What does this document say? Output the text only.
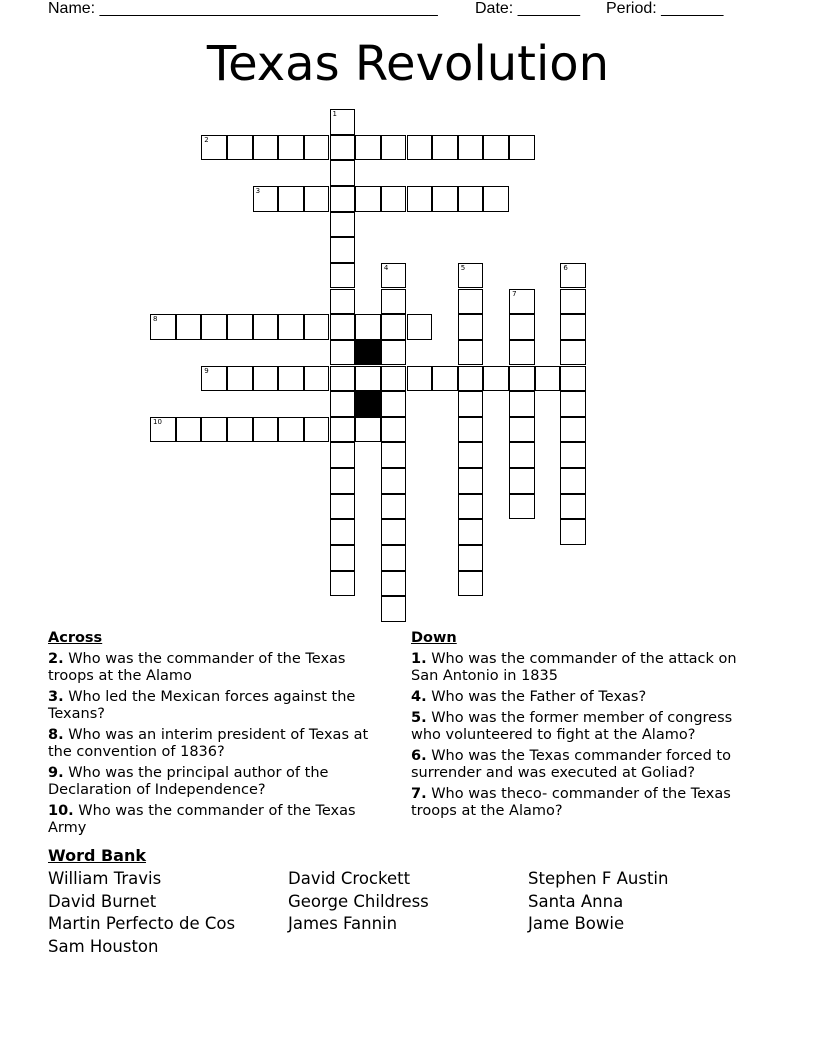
Name: ______________________________________ Date: _______ Period: _______
Texas Revolution
1
2
3
4	5	6
7
8
9
10
Across
2. Who was the commander of the Texas troops at the Alamo
3. Who led the Mexican forces against the Texans?
8. Who was an interim president of Texas at the convention of 1836?
9. Who was the principal author of the Declaration of Independence?
10. Who was the commander of the Texas Army
Down
1. Who was the commander of the attack on San Antonio in 1835
4. Who was the Father of Texas?
5. Who was the former member of congress who volunteered to fight at the Alamo?
6. Who was the Texas commander forced to surrender and was executed at Goliad?
7. Who was theco- commander of the Texas troops at the Alamo?
Word Bank
William Travis
David Burnet
Martin Perfecto de Cos
Sam Houston
David Crockett
George Childress
James Fannin
Stephen F Austin
Santa Anna
Jame Bowie
